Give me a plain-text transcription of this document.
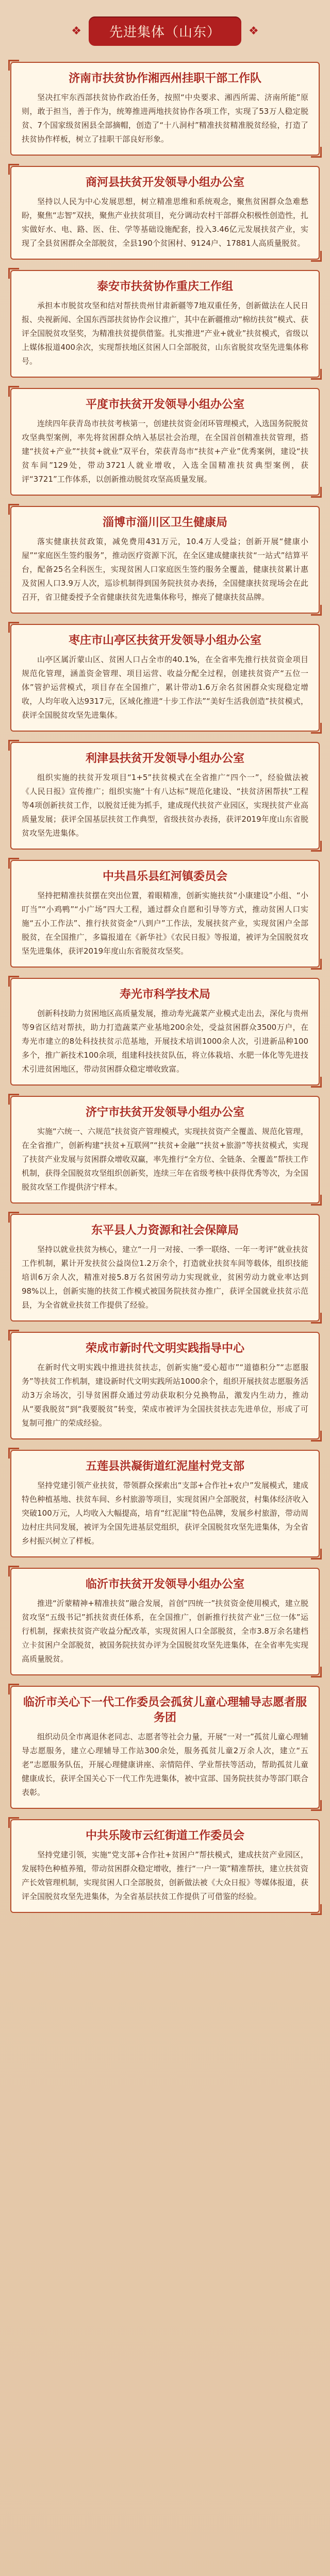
❖	先进集体（山东）	❖
济南市扶贫协作湘西州挂职干部工作队
坚决扛牢东西部扶贫协作政治任务，按照“中央要求、湘西所需、济南所能”原则，敢于担当，善于作为，统筹推进两地扶贫协作各项工作，实现了53万人稳定脱贫、7个国家级贫困县全部摘帽，创造了“十八洞村”精准扶贫精准脱贫经验，打造了扶贫协作样板，树立了挂职干部良好形象。
商河县扶贫开发领导小组办公室
坚持以人民为中心发展思想，树立精准思维和系统观念，聚焦贫困群众急难愁盼，聚焦“志智”双扶，聚焦产业扶贫项目，充分调动农村干部群众积极性创造性，扎实做好水、电、路、医、住、学等基础设施配套，投入3.46亿元发展扶贫产业，实现了全县贫困群众全部脱贫，全县190个贫困村、9124户、17881人高质量脱贫。
泰安市扶贫协作重庆工作组
承担本市脱贫攻坚和结对帮扶贵州甘肃新疆等7地双重任务，创新做法在人民日报、央视新闻、全国东西部扶贫协作会议推广，其中在新疆推动“棉纺扶贫”模式、获评全国脱贫攻坚奖，为精准扶贫提供借鉴。扎实推进“产业+就业”扶贫模式，省级以上媒体报道400余次，实现帮扶地区贫困人口全部脱贫，山东省脱贫攻坚先进集体称号。
平度市扶贫开发领导小组办公室
连续四年获青岛市扶贫考核第一，创建扶贫资金闭环管理模式，入选国务院脱贫攻坚典型案例，率先将贫困群众纳入基层社会治理，在全国首创精准扶贫管理，搭建“扶贫+产业”“扶贫+就业”双平台，荣获青岛市“扶贫+产业”优秀案例，建设“扶贫车间”129处，带动3721人就业增收，入选全国精准扶贫典型案例，获评“3721”工作体系，以创新推动脱贫攻坚高质量发展。
淄博市淄川区卫生健康局
落实健康扶贫政策，减免费用431万元，10.4万人受益；创新开展“健康小屋”“家庭医生签约服务”，推动医疗资源下沉，在全区建成健康扶贫“一站式”结算平台，配备25名全科医生，实现贫困人口家庭医生签约服务全覆盖，健康扶贫累计惠及贫困人口3.9万人次，巡诊机制得到国务院扶贫办表扬，全国健康扶贫现场会在此召开，省卫健委授予全省健康扶贫先进集体称号，擦亮了健康扶贫品牌。
枣庄市山亭区扶贫开发领导小组办公室
山亭区属沂蒙山区、贫困人口占全市的40.1%，在全省率先推行扶贫资金项目规范化管理，涵盖资金管理、项目运营、收益分配全过程，创建扶贫资产“五位一体”管护运营模式，项目存在全国推广，累计带动1.6万余名贫困群众实现稳定增收，人均年收入达9317元，区域化推进“十步工作法”“美好生活我创造”扶贫模式，获评全国脱贫攻坚先进集体。
利津县扶贫开发领导小组办公室
组织实施的扶贫开发项目“1+5”扶贫模式在全省推广“四个一”，经验做法被《人民日报》宣传推广；组织实施“十有八达标”规范化建设、“扶贫济困帮扶”工程等4项创新扶贫工作，以脱贫迁徙为抓手，建成现代扶贫产业园区，实现扶贫产业高质量发展；获评全国基层扶贫工作典型，省级扶贫办表扬，获评2019年度山东省脱贫攻坚先进集体。
中共昌乐县红河镇委员会
坚持把精准扶贫摆在突出位置，着眼精准，创新实施扶贫“小康建设”小组、“小叮当”“小鸡鸭”“小广场”四大工程，通过群众自愿和引导等方式，推动贫困人口实施“五小工作法”、推行扶贫资金“八到户”工作法，发展扶贫产业，实现贫困户全部脱贫，在全国推广，多篇报道在《新华社》《农民日报》等报道，被评为全国脱贫攻坚先进集体，获评2019年度山东省脱贫攻坚奖。
寿光市科学技术局
创新科技助力贫困地区高质量发展，推动寿光蔬菜产业模式走出去，深化与贵州等9省区结对帮扶，助力打造蔬菜产业基地200余处，受益贫困群众3500万户，在寿光市建立的8处科技扶贫示范基地，开展技术培训1000余人次，引进新品种100多个，推广新技术100余项，组建科技扶贫队伍，将立体栽培、水肥一体化等先进技术引进贫困地区，带动贫困群众稳定增收致富。
济宁市扶贫开发领导小组办公室
实施“六统一、六规范”扶贫资产管理模式，实现扶贫资产全覆盖、规范化管理，在全省推广，创新构建“扶贫+互联网”“扶贫+金融”“扶贫+旅游”等扶贫模式，实现了扶贫产业发展与贫困群众增收双赢，率先推行“全方位、全链条、全覆盖”帮扶工作机制，获得全国脱贫攻坚组织创新奖，连续三年在省级考核中获得优秀等次，为全国脱贫攻坚工作提供济宁样本。
东平县人力资源和社会保障局
坚持以就业扶贫为核心，建立“一月一对接、一季一联络、一年一考评”就业扶贫工作机制，累计开发扶贫公益岗位1.2万余个，打造就业扶贫车间等载体，组织技能培训6万余人次，精准对接5.8万名贫困劳动力实现就业，贫困劳动力就业率达到98%以上，创新实施的扶贫工作模式被国务院扶贫办推广，获评全国就业扶贫示范县，为全省就业扶贫工作提供了经验。
荣成市新时代文明实践指导中心
在新时代文明实践中推进扶贫扶志，创新实施“爱心超市”“道德积分”“志愿服务”等扶贫工作机制，建设新时代文明实践所站1000余个，组织开展扶贫志愿服务活动3万余场次，引导贫困群众通过劳动获取积分兑换物品，激发内生动力，推动从“要我脱贫”到“我要脱贫”转变，荣成市被评为全国扶贫扶志先进单位，形成了可复制可推广的荣成经验。
五莲县洪凝街道红泥崖村党支部
坚持党建引领产业扶贫，带领群众探索出“支部+合作社+农户”发展模式，建成特色种植基地、扶贫车间、乡村旅游等项目，实现贫困户全部脱贫，村集体经济收入突破100万元，人均收入大幅提高，培育“红泥崖”特色品牌，发展乡村旅游，带动周边村庄共同发展，被评为全国先进基层党组织，获评全国脱贫攻坚先进集体，为全省乡村振兴树立了样板。
临沂市扶贫开发领导小组办公室
推进“沂蒙精神+精准扶贫”融合发展，首创“四统一”扶贫资金使用模式，建立脱贫攻坚“五级书记”抓扶贫责任体系，在全国推广，创新推行扶贫产业“三位一体”运行机制，探索扶贫资产收益分配改革，实现贫困人口全部脱贫，全市3.8万余名建档立卡贫困户全部脱贫，被国务院扶贫办评为全国脱贫攻坚先进集体，在全省率先实现高质量脱贫。
临沂市关心下一代工作委员会孤贫儿童心理辅导志愿者服务团
组织动员全市离退休老同志、志愿者等社会力量，开展“一对一”孤贫儿童心理辅导志愿服务，建立心理辅导工作站300余处，服务孤贫儿童2万余人次，建立“五老”志愿服务队伍，开展心理健康讲座、亲情陪伴、学业帮扶等活动，帮助孤贫儿童健康成长，获评全国关心下一代工作先进集体，被中宣部、国务院扶贫办等部门联合表彰。
中共乐陵市云红街道工作委员会
坚持党建引领，实施“党支部+合作社+贫困户”帮扶模式，建成扶贫产业园区，发展特色种植养殖，带动贫困群众稳定增收，推行“一户一策”精准帮扶，建立扶贫资产长效管理机制，实现贫困人口全部脱贫，创新做法被《大众日报》等媒体报道，获评全国脱贫攻坚先进集体，为全省基层扶贫工作提供了可借鉴的经验。
